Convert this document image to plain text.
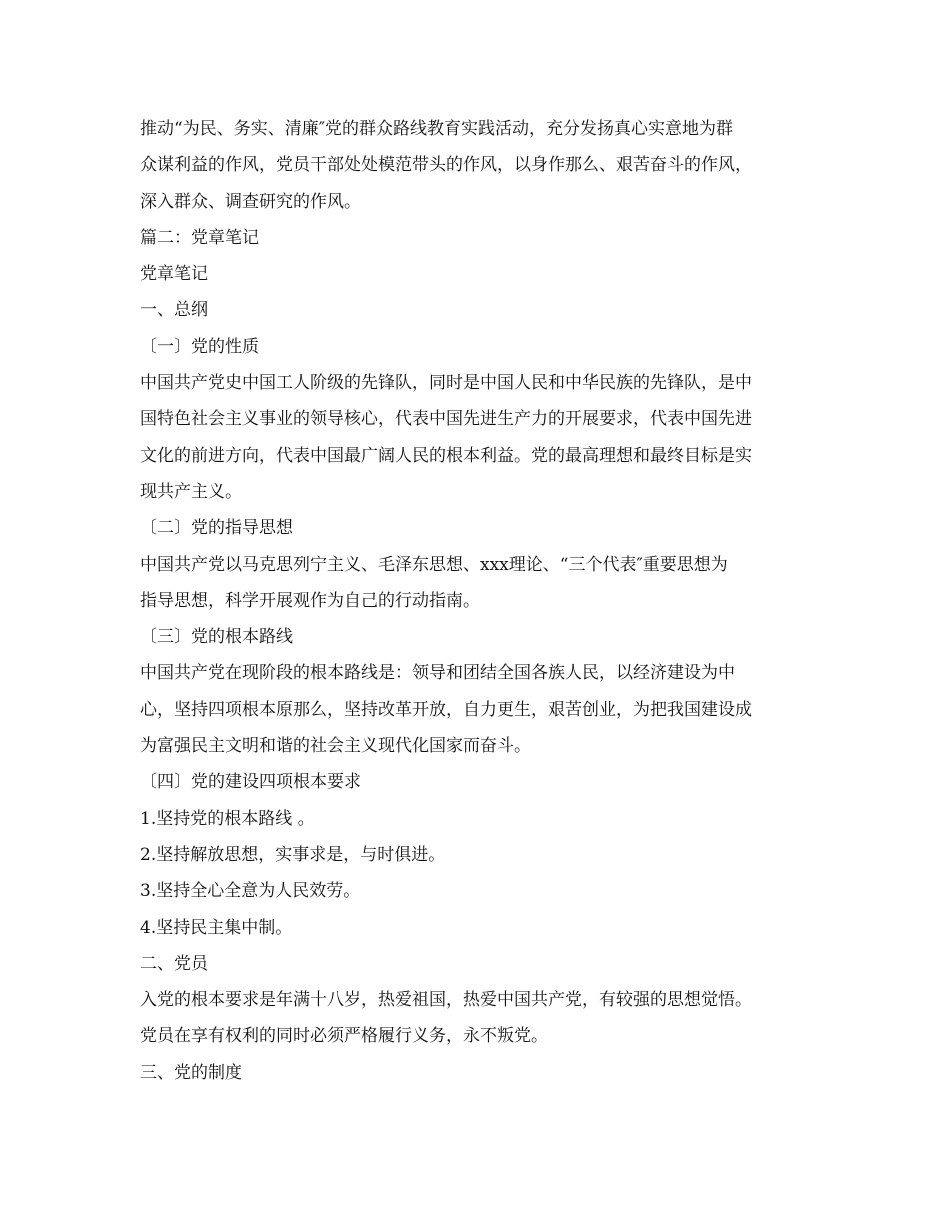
推动“为民、务实、清廉″党的群众路线教育实践活动，充分发扬真心实意地为群
众谋利益的作风，党员干部处处模范带头的作风，以身作那么、艰苦奋斗的作风，
深入群众、调查研究的作风。
篇二：党章笔记
党章笔记
一、总纲
〔一〕党的性质
中国共产党史中国工人阶级的先锋队，同时是中国人民和中华民族的先锋队，是中
国特色社会主义事业的领导核心，代表中国先进生产力的开展要求，代表中国先进
文化的前进方向，代表中国最广阔人民的根本利益。党的最高理想和最终目标是实
现共产主义。
〔二〕党的指导思想
中国共产党以马克思列宁主义、毛泽东思想、xxx理论、“三个代表″重要思想为
指导思想，科学开展观作为自己的行动指南。
〔三〕党的根本路线
中国共产党在现阶段的根本路线是：领导和团结全国各族人民，以经济建设为中
心，坚持四项根本原那么，坚持改革开放，自力更生，艰苦创业，为把我国建设成
为富强民主文明和谐的社会主义现代化国家而奋斗。
〔四〕党的建设四项根本要求
1.坚持党的根本路线 。
2.坚持解放思想，实事求是，与时俱进。
3.坚持全心全意为人民效劳。
4.坚持民主集中制。
二、党员
入党的根本要求是年满十八岁，热爱祖国，热爱中国共产党，有较强的思想觉悟。
党员在享有权利的同时必须严格履行义务，永不叛党。
三、党的制度
